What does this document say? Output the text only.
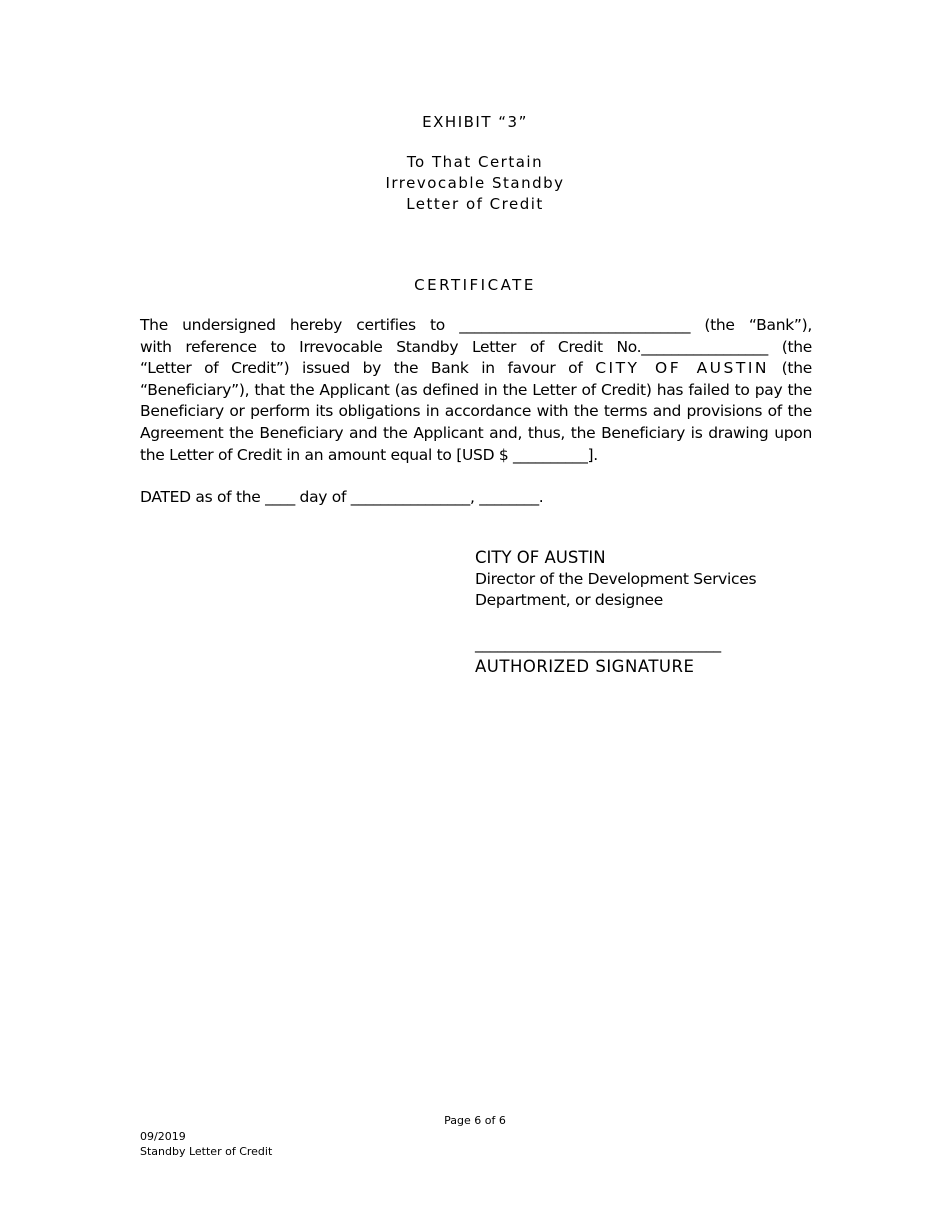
EXHIBIT “3”
To That Certain
Irrevocable Standby
Letter of Credit
CERTIFICATE
The undersigned hereby certifies to _______________________________ (the “Bank”),
with reference to Irrevocable Standby Letter of Credit No._________________ (the
“Letter of Credit”) issued by the Bank in favour of CITY OF AUSTIN (the
“Beneficiary”), that the Applicant (as defined in the Letter of Credit) has failed to pay the
Beneficiary or perform its obligations in accordance with the terms and provisions of the
Agreement the Beneficiary and the Applicant and, thus, the Beneficiary is drawing upon
the Letter of Credit in an amount equal to [USD $ __________].
DATED as of the ____ day of ________________, ________.
CITY OF AUSTIN
Director of the Development Services
Department, or designee
_________________________________
AUTHORIZED SIGNATURE
Page 6 of 6
09/2019
Standby Letter of Credit
